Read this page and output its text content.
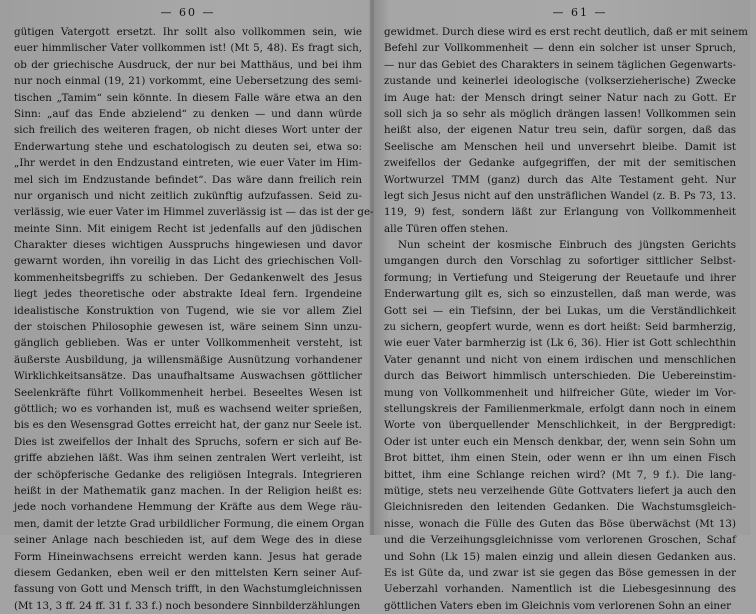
— 60 —
gütigen Vatergott ersetzt. Ihr sollt also vollkommen sein, wie
euer himmlischer Vater vollkommen ist! (Mt 5, 48). Es fragt sich,
ob der griechische Ausdruck, der nur bei Matthäus, und bei ihm
nur noch einmal (19, 21) vorkommt, eine Uebersetzung des semi-
tischen „Tamim“ sein könnte. In diesem Falle wäre etwa an den
Sinn: „auf das Ende abzielend“ zu denken — und dann würde
sich freilich des weiteren fragen, ob nicht dieses Wort unter der
Enderwartung stehe und eschatologisch zu deuten sei, etwa so:
„Ihr werdet in den Endzustand eintreten, wie euer Vater im Him-
mel sich im Endzustande befindet“. Das wäre dann freilich rein
nur organisch und nicht zeitlich zukünftig aufzufassen. Seid zu-
verlässig, wie euer Vater im Himmel zuverlässig ist — das ist der ge-
meinte Sinn. Mit einigem Recht ist jedenfalls auf den jüdischen
Charakter dieses wichtigen Ausspruchs hingewiesen und davor
gewarnt worden, ihn voreilig in das Licht des griechischen Voll-
kommenheitsbegriffs zu schieben. Der Gedankenwelt des Jesus
liegt jedes theoretische oder abstrakte Ideal fern. Irgendeine
idealistische Konstruktion von Tugend, wie sie vor allem Ziel
der stoischen Philosophie gewesen ist, wäre seinem Sinn unzu-
gänglich geblieben. Was er unter Vollkommenheit versteht, ist
äußerste Ausbildung, ja willensmäßige Ausnützung vorhandener
Wirklichkeitsansätze. Das unaufhaltsame Auswachsen göttlicher
Seelenkräfte führt Vollkommenheit herbei. Beseeltes Wesen ist
göttlich; wo es vorhanden ist, muß es wachsend weiter sprießen,
bis es den Wesensgrad Gottes erreicht hat, der ganz nur Seele ist.
Dies ist zweifellos der Inhalt des Spruchs, sofern er sich auf Be-
griffe abziehen läßt. Was ihm seinen zentralen Wert verleiht, ist
der schöpferische Gedanke des religiösen Integrals. Integrieren
heißt in der Mathematik ganz machen. In der Religion heißt es:
jede noch vorhandene Hemmung der Kräfte aus dem Wege räu-
men, damit der letzte Grad urbildlicher Formung, die einem Organ
seiner Anlage nach beschieden ist, auf dem Wege des in diese
Form Hineinwachsens erreicht werden kann. Jesus hat gerade
diesem Gedanken, eben weil er den mittelsten Kern seiner Auf-
fassung von Gott und Mensch trifft, in den Wachstumgleichnissen
(Mt 13, 3 ff. 24 ff. 31 f. 33 f.) noch besondere Sinnbilderzählungen
— 61 —
gewidmet. Durch diese wird es erst recht deutlich, daß er mit seinem
Befehl zur Vollkommenheit — denn ein solcher ist unser Spruch,
— nur das Gebiet des Charakters in seinem täglichen Gegenwarts-
zustande und keinerlei ideologische (volkserzieherische) Zwecke
im Auge hat: der Mensch dringt seiner Natur nach zu Gott. Er
soll sich ja so sehr als möglich drängen lassen! Vollkommen sein
heißt also, der eigenen Natur treu sein, dafür sorgen, daß das
Seelische am Menschen heil und unversehrt bleibe. Damit ist
zweifellos der Gedanke aufgegriffen, der mit der semitischen
Wortwurzel TMM (ganz) durch das Alte Testament geht. Nur
legt sich Jesus nicht auf den unsträflichen Wandel (z. B. Ps 73, 13.
119, 9) fest, sondern läßt zur Erlangung von Vollkommenheit
alle Türen offen stehen.
Nun scheint der kosmische Einbruch des jüngsten Gerichts
umgangen durch den Vorschlag zu sofortiger sittlicher Selbst-
formung; in Vertiefung und Steigerung der Reuetaufe und ihrer
Enderwartung gilt es, sich so einzustellen, daß man werde, was
Gott sei — ein Tiefsinn, der bei Lukas, um die Verständlichkeit
zu sichern, geopfert wurde, wenn es dort heißt: Seid barmherzig,
wie euer Vater barmherzig ist (Lk 6, 36). Hier ist Gott schlechthin
Vater genannt und nicht von einem irdischen und menschlichen
durch das Beiwort himmlisch unterschieden. Die Uebereinstim-
mung von Vollkommenheit und hilfreicher Güte, wieder im Vor-
stellungskreis der Familienmerkmale, erfolgt dann noch in einem
Worte von überquellender Menschlichkeit, in der Bergpredigt:
Oder ist unter euch ein Mensch denkbar, der, wenn sein Sohn um
Brot bittet, ihm einen Stein, oder wenn er ihn um einen Fisch
bittet, ihm eine Schlange reichen wird? (Mt 7, 9 f.). Die lang-
mütige, stets neu verzeihende Güte Gottvaters liefert ja auch den
Gleichnisreden den leitenden Gedanken. Die Wachstumsgleich-
nisse, wonach die Fülle des Guten das Böse überwächst (Mt 13)
und die Verzeihungsgleichnisse vom verlorenen Groschen, Schaf
und Sohn (Lk 15) malen einzig und allein diesen Gedanken aus.
Es ist Güte da, und zwar ist sie gegen das Böse gemessen in der
Ueberzahl vorhanden. Namentlich ist die Liebesgesinnung des
göttlichen Vaters eben im Gleichnis vom verlorenen Sohn an einer
